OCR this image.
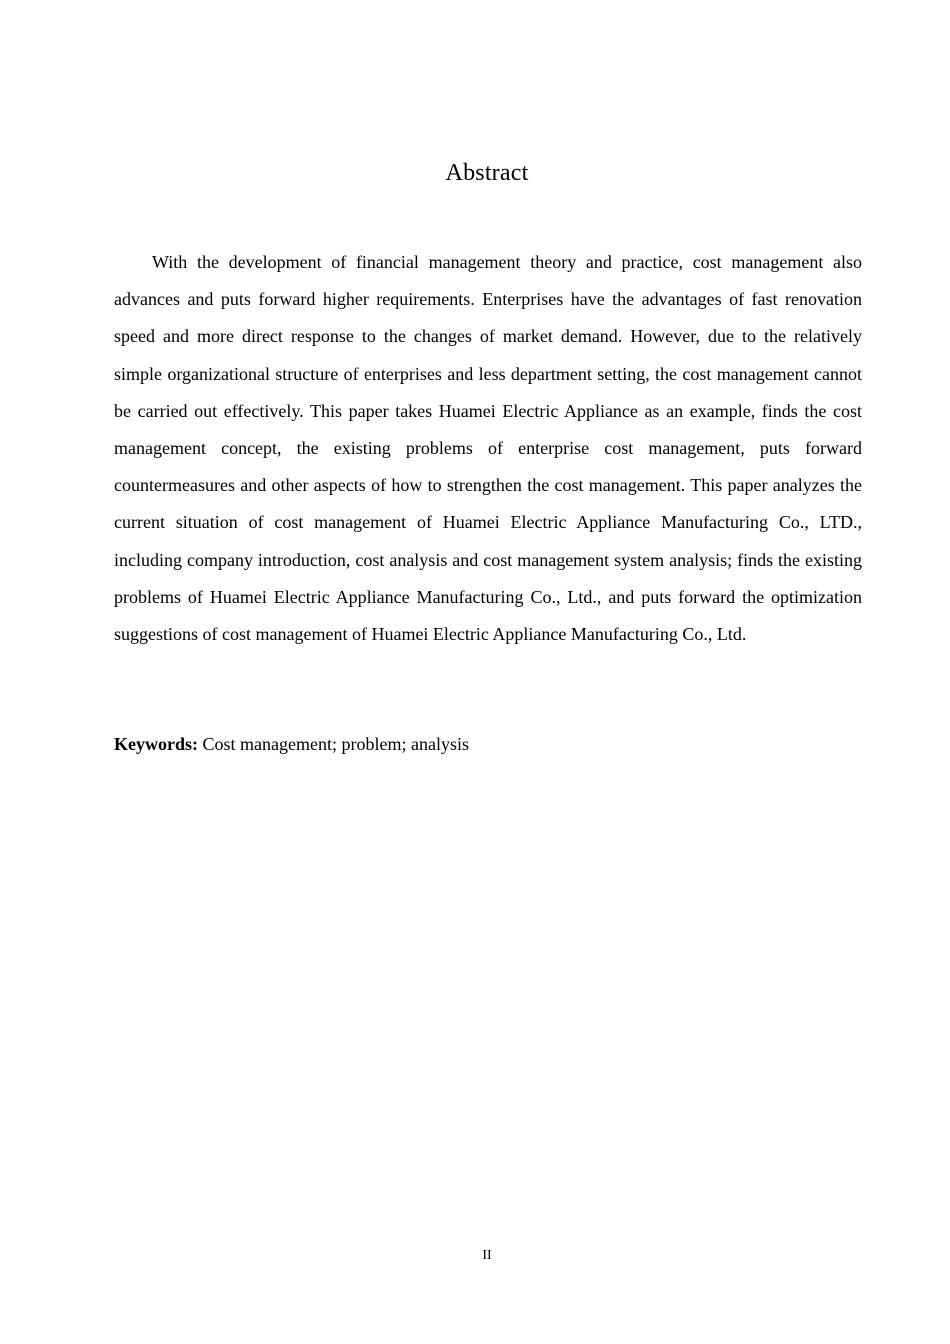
Abstract

With the development of financial management theory and practice, cost management also advances and puts forward higher requirements. Enterprises have the advantages of fast renovation speed and more direct response to the changes of market demand. However, due to the relatively simple organizational structure of enterprises and less department setting, the cost management cannot be carried out effectively. This paper takes Huamei Electric Appliance as an example, finds the cost management concept, the existing problems of enterprise cost management, puts forward countermeasures and other aspects of how to strengthen the cost management. This paper analyzes the current situation of cost management of Huamei Electric Appliance Manufacturing Co., LTD., including company introduction, cost analysis and cost management system analysis; finds the existing problems of Huamei Electric Appliance Manufacturing Co., Ltd., and puts forward the optimization suggestions of cost management of Huamei Electric Appliance Manufacturing Co., Ltd.

Keywords: Cost management; problem; analysis

II
